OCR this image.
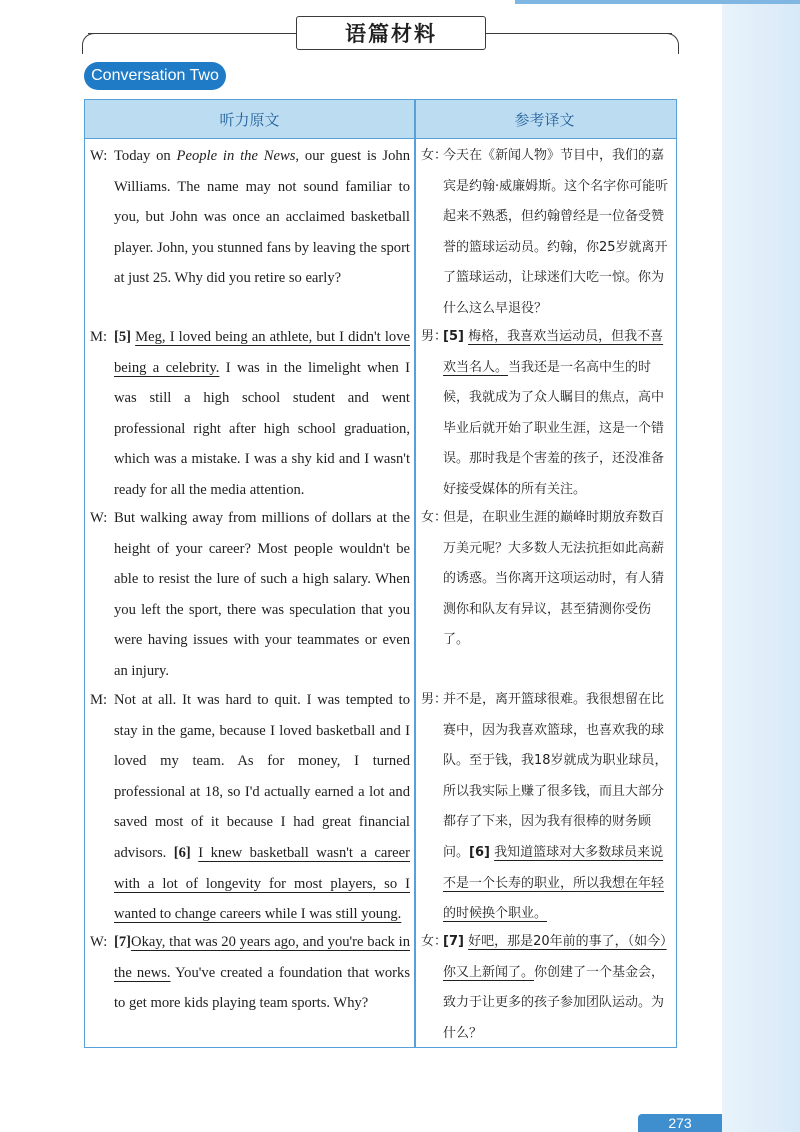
语篇材料
Conversation Two
听力原文	参考译文
W: Today on People in the News, our guest is John Williams. The name may not sound familiar to you, but John was once an acclaimed basketball player. John, you stunned fans by leaving the sport at just 25. Why did you retire so early?
女：
今天在《新闻人物》节目中，我们的嘉宾是约翰·威廉姆斯。这个名字你可能听起来不熟悉，但约翰曾经是一位备受赞誉的篮球运动员。约翰，你25岁就离开了篮球运动，让球迷们大吃一惊。你为什么这么早退役？
M: [5] Meg, I loved being an athlete, but I didn't love being a celebrity. I was in the limelight when I was still a high school student and went professional right after high school graduation, which was a mistake. I was a shy kid and I wasn't ready for all the media attention.
男：
[5] 梅格，我喜欢当运动员，但我不喜欢当名人。当我还是一名高中生的时候，我就成为了众人瞩目的焦点，高中毕业后就开始了职业生涯，这是一个错误。那时我是个害羞的孩子，还没准备好接受媒体的所有关注。
W: But walking away from millions of dollars at the height of your career? Most people wouldn't be able to resist the lure of such a high salary. When you left the sport, there was speculation that you were having issues with your teammates or even an injury.
女：
但是，在职业生涯的巅峰时期放弃数百万美元呢？大多数人无法抗拒如此高薪的诱惑。当你离开这项运动时，有人猜测你和队友有异议，甚至猜测你受伤了。
M: Not at all. It was hard to quit. I was tempted to stay in the game, because I loved basketball and I loved my team. As for money, I turned professional at 18, so I'd actually earned a lot and saved most of it because I had great financial advisors. [6] I knew basketball wasn't a career with a lot of longevity for most players, so I wanted to change careers while I was still young.
男：
并不是，离开篮球很难。我很想留在比赛中，因为我喜欢篮球，也喜欢我的球队。至于钱，我18岁就成为职业球员，所以我实际上赚了很多钱，而且大部分都存了下来，因为我有很棒的财务顾问。[6] 我知道篮球对大多数球员来说不是一个长寿的职业，所以我想在年轻的时候换个职业。
W: [7]Okay, that was 20 years ago, and you're back in the news. You've created a foundation that works to get more kids playing team sports. Why?
女：
[7] 好吧，那是20年前的事了，（如今）你又上新闻了。你创建了一个基金会，致力于让更多的孩子参加团队运动。为什么？
273
